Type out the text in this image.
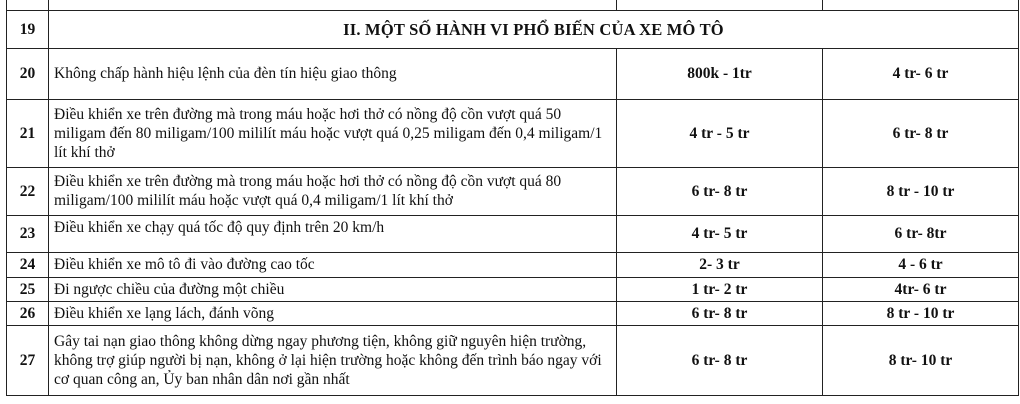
19	II. MỘT SỐ HÀNH VI PHỔ BIẾN CỦA XE MÔ TÔ		
20	Không chấp hành hiệu lệnh của đèn tín hiệu giao thông	800k - 1tr	4 tr- 6 tr
21	Điều khiển xe trên đường mà trong máu hoặc hơi thở có nồng độ cồn vượt quá 50 miligam đến 80 miligam/100 mililít máu hoặc vượt quá 0,25 miligam đến 0,4 miligam/1 lít khí thở	4 tr - 5 tr	6 tr- 8 tr
22	Điều khiển xe trên đường mà trong máu hoặc hơi thở có nồng độ cồn vượt quá 80 miligam/100 mililít máu hoặc vượt quá 0,4 miligam/1 lít khí thở	6 tr- 8 tr	8 tr - 10 tr
23	Điều khiển xe chạy quá tốc độ quy định trên 20 km/h	4 tr- 5 tr	6 tr- 8tr
24	Điều khiển xe mô tô đi vào đường cao tốc	2- 3 tr	4 - 6 tr
25	Đi ngược chiều của đường một chiều	1 tr- 2 tr	4tr- 6 tr
26	Điều khiển xe lạng lách, đánh võng	6 tr- 8 tr	8 tr - 10 tr
27	Gây tai nạn giao thông không dừng ngay phương tiện, không giữ nguyên hiện trường, không trợ giúp người bị nạn, không ở lại hiện trường hoặc không đến trình báo ngay với cơ quan công an, Ủy ban nhân dân nơi gần nhất	6 tr- 8 tr	8 tr- 10 tr
